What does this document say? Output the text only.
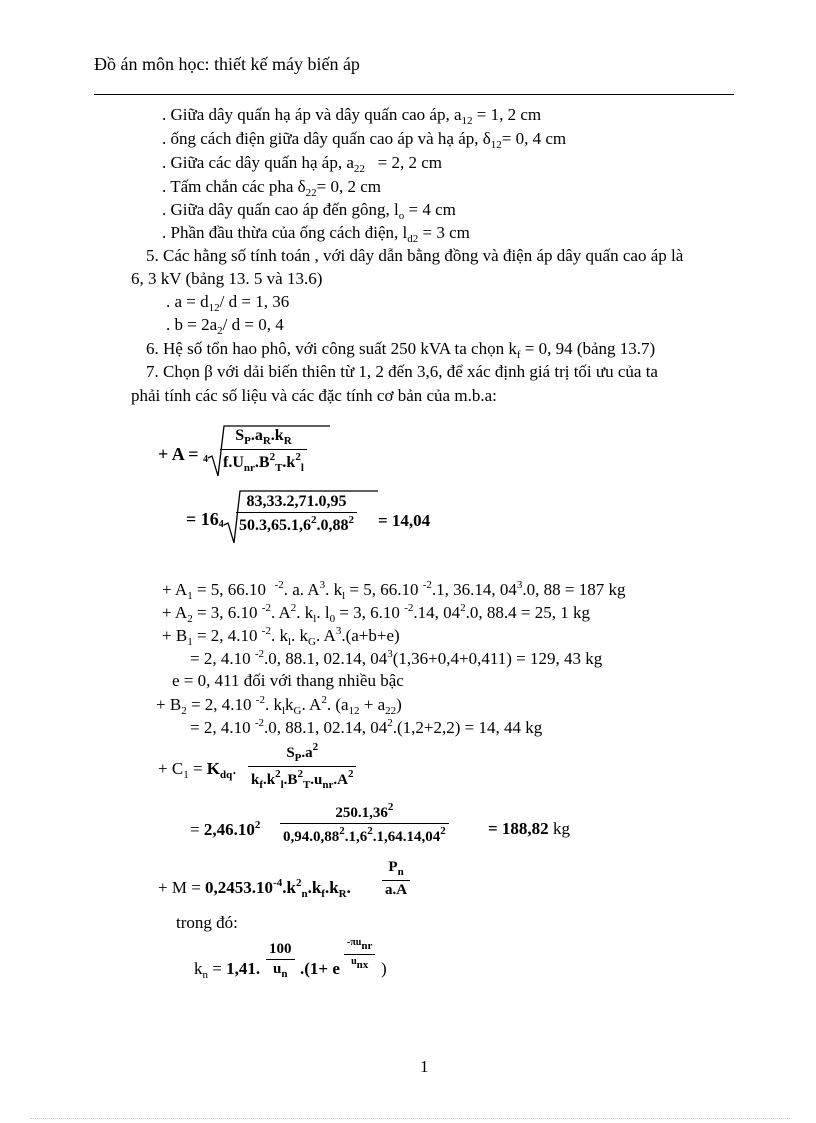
Đồ án môn học: thiết kế máy biến áp
. Giữa dây quấn hạ áp và dây quấn cao áp, $a_{12} = 1$, 2 cm
. ống cách điện giữa dây quấn cao áp và hạ áp, $\delta_{12}= 0$, 4 cm
. Giữa các dây quấn hạ áp, $a_{22} = 2$, 2 cm
. Tấm chắn các pha $\delta_{22}= 0$, 2 cm
. Giữa dây quấn cao áp đến gông, $l_o = 4$ cm
. Phần đầu thừa của ống cách điện, $l_{d2} = 3$ cm
5. Các hằng số tính toán , với dây dẫn bằng đồng và điện áp dây quấn cao áp là
6, 3 kV (bảng 13. 5 và 13.6)
. $a = d_{12}/$ d = 1, 36
. $b = 2a_2/$ d = 0, 4
6. Hệ số tổn hao phô, với công suất 250 kVA ta chọn $k_f = 0$, 94 (bảng 13.7)
7. Chọn β với dải biến thiên từ 1, 2 đến 3,6, để xác định giá trị tối ưu của ta
phải tính các số liệu và các đặc tính cơ bản của m.b.a:
+ $A = 4 \frac{S_P.a_R.k_R}{f.U_{nr}.B^2_T.k^2_l}$
= $164 \frac{83,33.2,71.0,95}{50.3,65.1,6^2.0,88^2} = 14,04$
+ $A_1 = 5$, 66.10  $^{-2}$. a. $A^3$. $k_l = 5$, 66.10 $^{-2}$.1, 36.14, $04^3.0$, 88 = 187 kg
+ $A_2 = 3$, 6.10 $^{-2}$. $A^2$. $k_l$. $l_0 = 3$, 6.10 $^{-2}$.14, $04^2.0$, 88.4 = 25, 1 kg
+ $B_1 = 2$, 4.10 $^{-2}$. $k_l$. $k_G$. $A^3.(a+b+e)$
= 2, 4.10 $^{-2}$.0, 88.1, 02.14, $04^3(1,36+0,4+0,411) = 129$, 43 kg
e = 0, 411 đối với thang nhiều bậc
+ $B_2 = 2$, 4.10 $^{-2}$. $k_lk_G$. $A^2$. $(a_{12} + a_{22})$
= 2, 4.10 $^{-2}$.0, 88.1, 02.14, $04^2.(1,2+2,2) = 14$, 44 kg
+ $C_1 = K_{dq}$. $\frac{S_P.a^2}{k_f.k^2_l.B^2_T.u_{nr}.A^2}$
= $2,46.10^2 \frac{250.1,36^2}{0,94.0,88^2.1,6^2.1,64.14,04^2} = 188,82$ kg
+ $M = 0,2453.10^{-4}.k^2_n.k_f.k_R$. $\frac{P_n}{a.A}$
trong đó:
$k_n = 1,41$. $\frac{100}{u_n} .(1+ e \frac{\text{-πunr}}{\text{unx}}$ )
1
